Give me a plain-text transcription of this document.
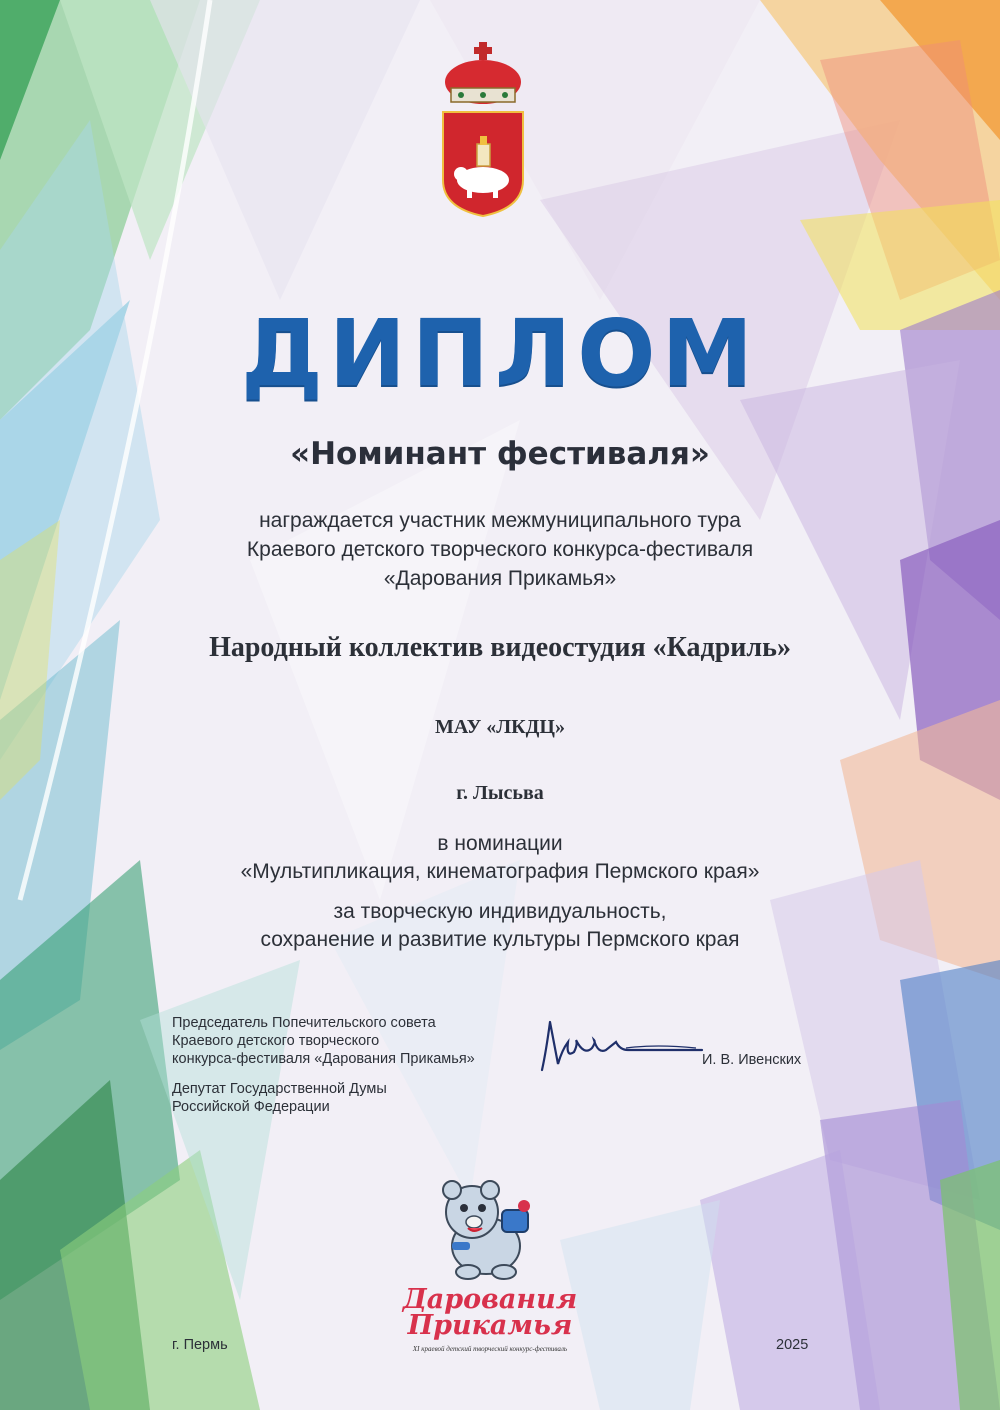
ДИПЛОМ
«Номинант фестиваля»
награждается участник межмуниципального тура
Краевого детского творческого конкурса-фестиваля
«Дарования Прикамья»
Народный коллектив видеостудия «Кадриль»
МАУ «ЛКДЦ»
г. Лысьва
в номинации
«Мультипликация, кинематография Пермского края»
за творческую индивидуальность,
сохранение и развитие культуры Пермского края
Председатель Попечительского совета
Краевого детского творческого
конкурса-фестиваля «Дарования Прикамья»
Депутат Государственной Думы
Российской Федерации
И. В. Ивенских
Дарования
Прикамья
XI краевой детский творческий конкурс-фестиваль
г. Пермь	2025
